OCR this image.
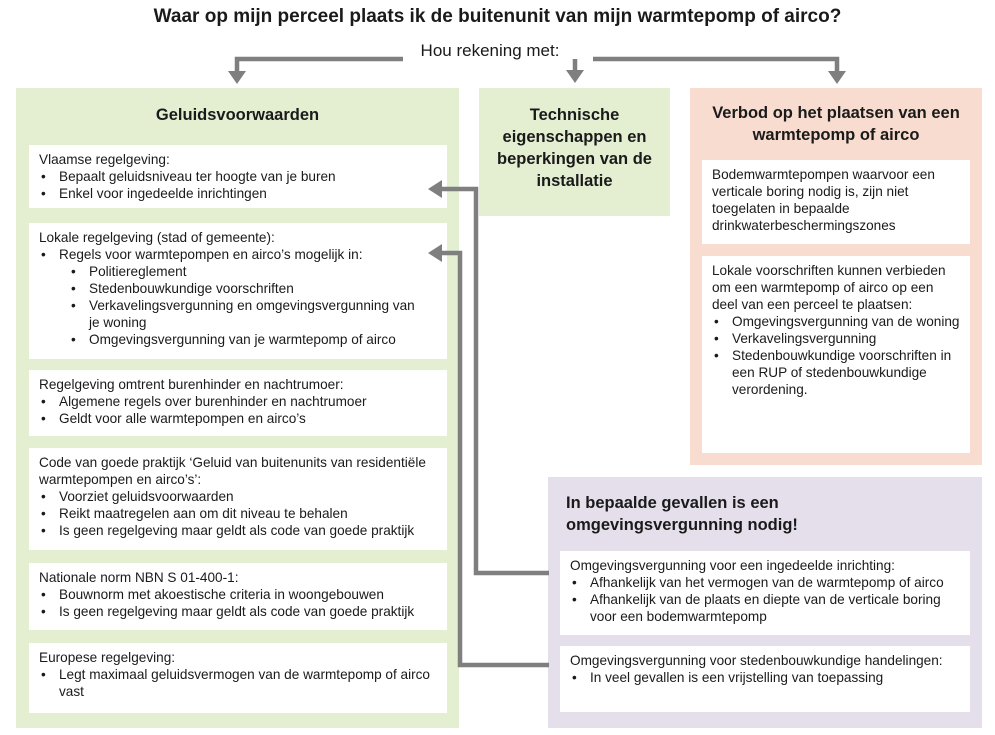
Waar op mijn perceel plaats ik de buitenunit van mijn warmtepomp of airco?
Hou rekening met:
Geluidsvoorwaarden

Vlaamse regelgeving:

• Bepaalt geluidsniveau ter hoogte van je buren
• Enkel voor ingedeelde inrichtingen

Lokale regelgeving (stad of gemeente):

• Regels voor warmtepompen en airco’s mogelijk in:
• Politiereglement
• Stedenbouwkundige voorschriften
• Verkavelingsvergunning en omgevingsvergunning van je woning
• Omgevingsvergunning van je warmtepomp of airco

Regelgeving omtrent burenhinder en nachtrumoer:

• Algemene regels over burenhinder en nachtrumoer
• Geldt voor alle warmtepompen en airco’s

Code van goede praktijk ‘Geluid van buitenunits van residentiële warmtepompen en airco’s’:

• Voorziet geluidsvoorwaarden
• Reikt maatregelen aan om dit niveau te behalen
• Is geen regelgeving maar geldt als code van goede praktijk

Nationale norm NBN S 01-400-1:

• Bouwnorm met akoestische criteria in woongebouwen
• Is geen regelgeving maar geldt als code van goede praktijk

Europese regelgeving:

• Legt maximaal geluidsvermogen van de warmtepomp of airco vast
Technische eigenschappen en beperkingen van de installatie
Verbod op het plaatsen van een warmtepomp of airco

Bodemwarmtepompen waarvoor een verticale boring nodig is, zijn niet toegelaten in bepaalde drinkwaterbeschermingszones

Lokale voorschriften kunnen verbieden om een warmtepomp of airco op een deel van een perceel te plaatsen:

• Omgevingsvergunning van de woning
• Verkavelingsvergunning
• Stedenbouwkundige voorschriften in een RUP of stedenbouwkundige verordening.
In bepaalde gevallen is een omgevingsvergunning nodig!

Omgevingsvergunning voor een ingedeelde inrichting:

• Afhankelijk van het vermogen van de warmtepomp of airco
• Afhankelijk van de plaats en diepte van de verticale boring voor een bodemwarmtepomp

Omgevingsvergunning voor stedenbouwkundige handelingen:

• In veel gevallen is een vrijstelling van toepassing
